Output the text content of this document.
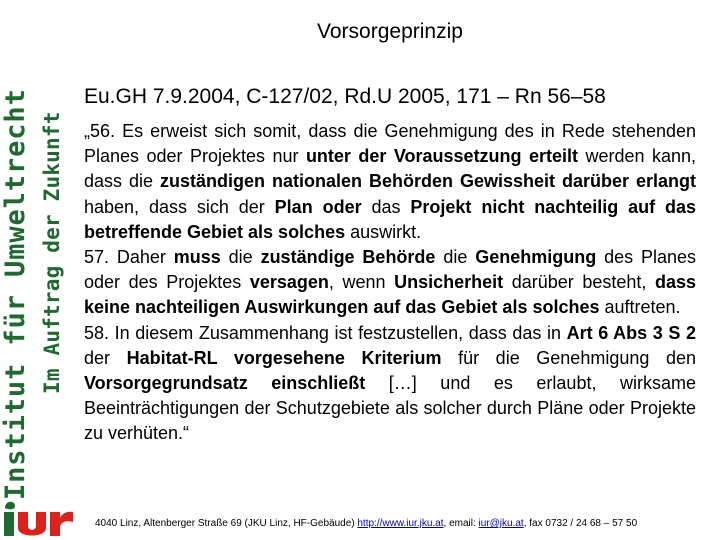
Institut für Umweltrecht Im Auftrag der Zukunft
Vorsorgeprinzip
Eu.GH 7.9.2004, C-127/02, Rd.U 2005, 171 – Rn 56–58

„56. Es erweist sich somit, dass die Genehmigung des in Rede stehenden Planes oder Projektes nur unter der Voraussetzung erteilt werden kann, dass die zuständigen nationalen Behörden Gewissheit darüber erlangt haben, dass sich der Plan oder das Projekt nicht nachteilig auf das betreffende Gebiet als solches auswirkt.

57. Daher muss die zuständige Behörde die Genehmigung des Planes oder des Projektes versagen, wenn Unsicherheit darüber besteht, dass keine nachteiligen Auswirkungen auf das Gebiet als solches auftreten.

58. In diesem Zusammenhang ist festzustellen, dass das in Art 6 Abs 3 S 2 der Habitat-RL vorgesehene Kriterium für die Genehmigung den Vorsorgegrundsatz einschließt […] und es erlaubt, wirksame Beeinträchtigungen der Schutzgebiete als solcher durch Pläne oder Projekte zu verhüten.“

4040 Linz, Altenberger Straße 69 (JKU Linz, HF-Gebäude) http://www.iur.jku.at, email: iur@jku.at, fax 0732 / 24 68 – 57 50
